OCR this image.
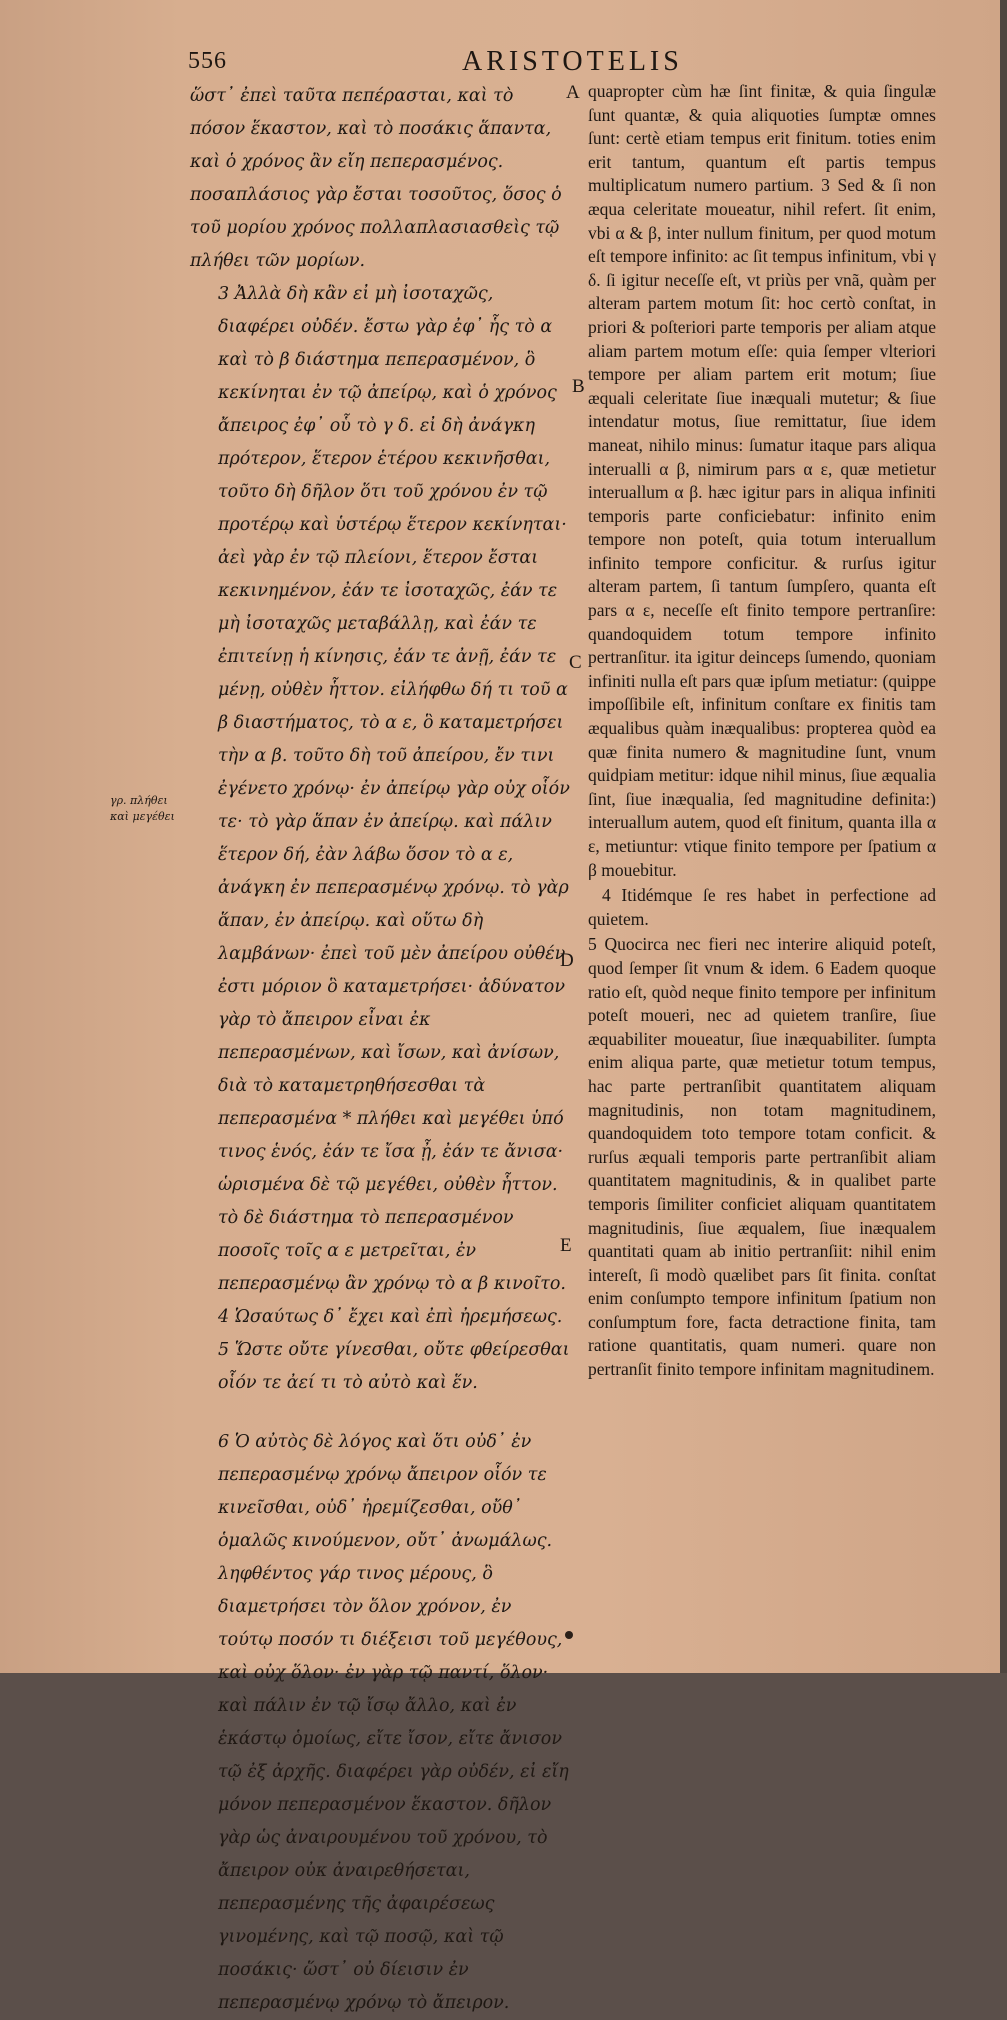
556	ARISTOTELIS

ὥστ᾽ ἐπεὶ ταῦτα πεπέρασται, καὶ τὸ πόσον ἕκαστον, καὶ τὸ ποσάκις ἅπαντα, καὶ ὁ χρόνος ἂν εἴη πεπερασμένος. ποσαπλάσιος γὰρ ἔσται τοσοῦτος, ὅσος ὁ τοῦ μορίου χρόνος πολλαπλασιασθεὶς τῷ πλήθει τῶν μορίων.

3 Ἀλλὰ δὴ κἂν εἰ μὴ ἰσοταχῶς, διαφέρει οὐδέν. ἔστω γὰρ ἐφ᾽ ἧς τὸ α καὶ τὸ β διάστημα πεπερασμένον, ὃ κεκίνηται ἐν τῷ ἀπείρῳ, καὶ ὁ χρόνος ἄπειρος ἐφ᾽ οὗ τὸ γ δ. εἰ δὴ ἀνάγκη πρότερον, ἕτερον ἑτέρου κεκινῆσθαι, τοῦτο δὴ δῆλον ὅτι τοῦ χρόνου ἐν τῷ προτέρῳ καὶ ὑστέρῳ ἕτερον κεκίνηται· ἀεὶ γὰρ ἐν τῷ πλείονι, ἕτερον ἔσται κεκινημένον, ἐάν τε ἰσοταχῶς, ἐάν τε μὴ ἰσοταχῶς μεταβάλλῃ, καὶ ἐάν τε ἐπιτείνῃ ἡ κίνησις, ἐάν τε ἀνῇ, ἐάν τε μένῃ, οὐθὲν ἧττον. εἰλήφθω δή τι τοῦ α β διαστήματος, τὸ α ε, ὃ καταμετρήσει τὴν α β. τοῦτο δὴ τοῦ ἀπείρου, ἔν τινι ἐγένετο χρόνῳ· ἐν ἀπείρῳ γὰρ οὐχ οἷόν τε· τὸ γὰρ ἅπαν ἐν ἀπείρῳ. καὶ πάλιν ἕτερον δή, ἐὰν λάβω ὅσον τὸ α ε, ἀνάγκη ἐν πεπερασμένῳ χρόνῳ. τὸ γὰρ ἅπαν, ἐν ἀπείρῳ. καὶ οὕτω δὴ λαμβάνων· ἐπεὶ τοῦ μὲν ἀπείρου οὐθέν ἐστι μόριον ὃ καταμετρήσει· ἀδύνατον γὰρ τὸ ἄπειρον εἶναι ἐκ πεπερασμένων, καὶ ἴσων, καὶ ἀνίσων, διὰ τὸ καταμετρηθήσεσθαι τὰ πεπερασμένα * πλήθει καὶ μεγέθει ὑπό τινος ἑνός, ἐάν τε ἴσα ᾖ, ἐάν τε ἄνισα· ὡρισμένα δὲ τῷ μεγέθει, οὐθὲν ἧττον. τὸ δὲ διάστημα τὸ πεπερασμένον ποσοῖς τοῖς α ε μετρεῖται, ἐν πεπερασμένῳ ἂν χρόνῳ τὸ α β κινοῖτο.

4 Ὡσαύτως δ᾽ ἔχει καὶ ἐπὶ ἠρεμήσεως.

5 Ὥστε οὔτε γίνεσθαι, οὔτε φθείρεσθαι οἷόν τε ἀεί τι τὸ αὐτὸ καὶ ἕν.

6 Ὁ αὐτὸς δὲ λόγος καὶ ὅτι οὐδ᾽ ἐν πεπερασμένῳ χρόνῳ ἄπειρον οἷόν τε κινεῖσθαι, οὐδ᾽ ἠρεμίζεσθαι, οὔθ᾽ ὁμαλῶς κινούμενον, οὔτ᾽ ἀνωμάλως. ληφθέντος γάρ τινος μέρους, ὃ διαμετρήσει τὸν ὅλον χρόνον, ἐν τούτῳ ποσόν τι διέξεισι τοῦ μεγέθους, καὶ οὐχ ὅλον· ἐν γὰρ τῷ παντί, ὅλον· καὶ πάλιν ἐν τῷ ἴσῳ ἄλλο, καὶ ἐν ἑκάστῳ ὁμοίως, εἴτε ἴσον, εἴτε ἄνισον τῷ ἐξ ἀρχῆς. διαφέρει γὰρ οὐδέν, εἰ εἴη μόνον πεπερασμένον ἕκαστον. δῆλον γὰρ ὡς ἀναιρουμένου τοῦ χρόνου, τὸ ἄπειρον οὐκ ἀναιρεθήσεται, πεπερασμένης τῆς ἀφαιρέσεως γινομένης, καὶ τῷ ποσῷ, καὶ τῷ ποσάκις· ὥστ᾽ οὐ δίεισιν ἐν πεπερασμένῳ χρόνῳ τὸ ἄπειρον.

quapropter cùm hæ ſint finitæ, & quia ſingulæ ſunt quantæ, & quia aliquoties ſumptæ omnes ſunt: certè etiam tempus erit finitum. toties enim erit tantum, quantum eſt partis tempus multiplicatum numero partium. 3 Sed & ſi non æqua celeritate moueatur, nihil refert. ſit enim, vbi α & β, inter nullum finitum, per quod motum eſt tempore infinito: ac ſit tempus infinitum, vbi γ δ. ſi igitur neceſſe eſt, vt priùs per vnã, quàm per alteram partem motum ſit: hoc certò conſtat, in priori & poſteriori parte temporis per aliam atque aliam partem motum eſſe: quia ſemper vlteriori tempore per aliam partem erit motum; ſiue æquali celeritate ſiue inæquali mutetur; & ſiue intendatur motus, ſiue remittatur, ſiue idem maneat, nihilo minus: ſumatur itaque pars aliqua interualli α β, nimirum pars α ε, quæ metietur interuallum α β. hæc igitur pars in aliqua infiniti temporis parte conficiebatur: infinito enim tempore non poteſt, quia totum interuallum infinito tempore conficitur. & rurſus igitur alteram partem, ſi tantum ſumpſero, quanta eſt pars α ε, neceſſe eſt finito tempore pertranſire: quandoquidem totum tempore infinito pertranſitur. ita igitur deinceps ſumendo, quoniam infiniti nulla eſt pars quæ ipſum metiatur: (quippe impoſſibile eſt, infinitum conſtare ex finitis tam æqualibus quàm inæqualibus: propterea quòd ea quæ finita numero & magnitudine ſunt, vnum quidpiam metitur: idque nihil minus, ſiue æqualia ſint, ſiue inæqualia, ſed magnitudine definita:) interuallum autem, quod eſt finitum, quanta illa α ε, metiuntur: vtique finito tempore per ſpatium α β mouebitur.

4 Itidémque ſe res habet in perfectione ad quietem.

5 Quocirca nec fieri nec interire aliquid poteſt, quod ſemper ſit vnum & idem. 6 Eadem quoque ratio eſt, quòd neque finito tempore per infinitum poteſt moueri, nec ad quietem tranſire, ſiue æquabiliter moueatur, ſiue inæquabiliter. ſumpta enim aliqua parte, quæ metietur totum tempus, hac parte pertranſibit quantitatem aliquam magnitudinis, non totam magnitudinem, quandoquidem toto tempore totam conficit. & rurſus æquali temporis parte pertranſibit aliam quantitatem magnitudinis, & in qualibet parte temporis ſimiliter conficiet aliquam quantitatem magnitudinis, ſiue æqualem, ſiue inæqualem quantitati quam ab initio pertranſiit: nihil enim intereſt, ſi modò quælibet pars ſit finita. conſtat enim conſumpto tempore infinitum ſpatium non conſumptum fore, facta detractione finita, tam ratione quantitatis, quam numeri. quare non pertranſit finito tempore infinitam magnitudinem.

A
B
C
D
E
γρ. πλήθει καὶ μεγέθει
